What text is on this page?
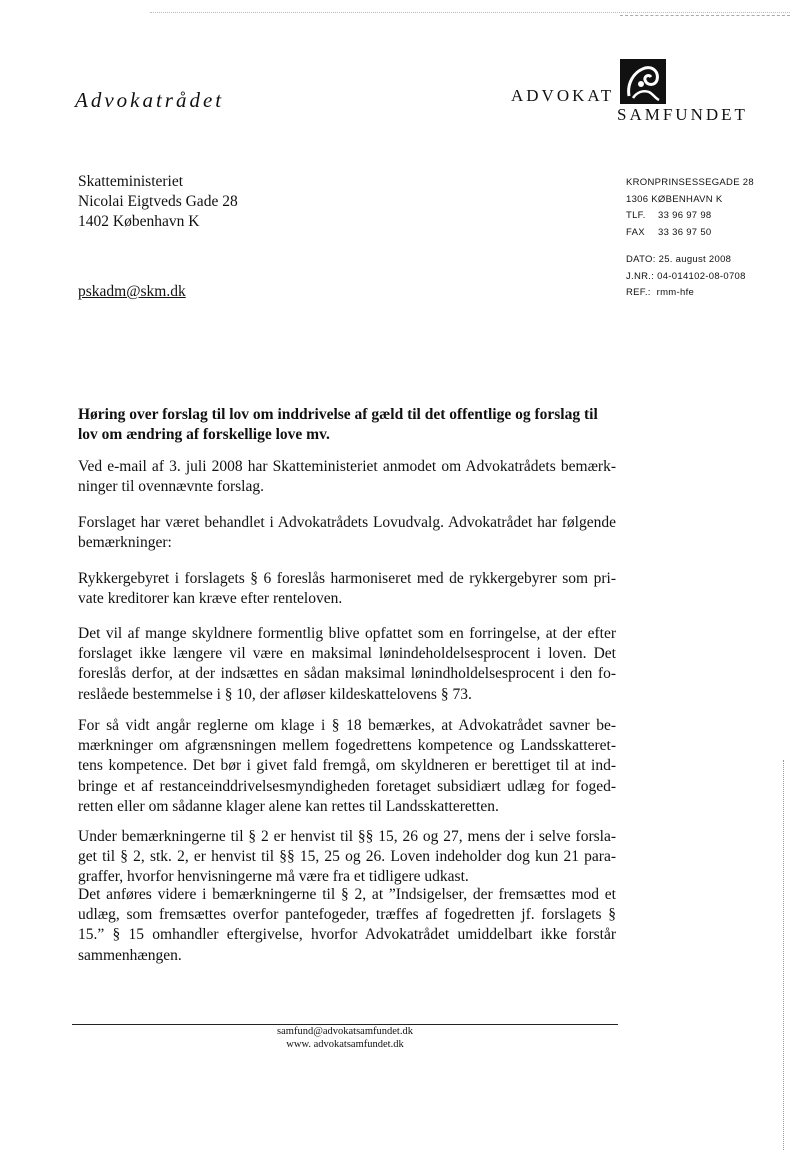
Advokatrådet	ADVOKAT
SAMFUNDET
Skatteministeriet
Nicolai Eigtveds Gade 28
1402 København K
pskadm@skm.dk
KRONPRINSESSEGADE 28
1306 KØBENHAVN K
TLF.	33 96 97 98
FAX	33 36 97 50
DATO:
25. august 2008
J.NR.:
04-014102-08-0708
REF.:
rmm-hfe
Høring over forslag til lov om inddrivelse af gæld til det offentlige og forslag til lov om ændring af forskellige love mv.

Ved e-mail af 3. juli 2008 har Skatteministeriet anmodet om Advokatrådets bemærk-ninger til ovennævnte forslag.

Forslaget har været behandlet i Advokatrådets Lovudvalg. Advokatrådet har følgende bemærkninger:

Rykkergebyret i forslagets § 6 foreslås harmoniseret med de rykkergebyrer som pri-vate kreditorer kan kræve efter renteloven.

Det vil af mange skyldnere formentlig blive opfattet som en forringelse, at der efter forslaget ikke længere vil være en maksimal lønindeholdelsesprocent i loven. Det foreslås derfor, at der indsættes en sådan maksimal lønindholdelsesprocent i den fo-reslåede bestemmelse i § 10, der afløser kildeskattelovens § 73.

For så vidt angår reglerne om klage i § 18 bemærkes, at Advokatrådet savner be-mærkninger om afgrænsningen mellem fogedrettens kompetence og Landsskatteret-tens kompetence. Det bør i givet fald fremgå, om skyldneren er berettiget til at ind-bringe et af restanceinddrivelsesmyndigheden foretaget subsidiært udlæg for foged-retten eller om sådanne klager alene kan rettes til Landsskatteretten.

Under bemærkningerne til § 2 er henvist til §§ 15, 26 og 27, mens der i selve forsla-get til § 2, stk. 2, er henvist til §§ 15, 25 og 26. Loven indeholder dog kun 21 para-graffer, hvorfor henvisningerne må være fra et tidligere udkast.

Det anføres videre i bemærkningerne til § 2, at ”Indsigelser, der fremsættes mod et udlæg, som fremsættes overfor pantefogeder, træffes af fogedretten jf. forslagets § 15.” § 15 omhandler eftergivelse, hvorfor Advokatrådet umiddelbart ikke forstår sammenhængen.

samfund@advokatsamfundet.dk
www. advokatsamfundet.dk
